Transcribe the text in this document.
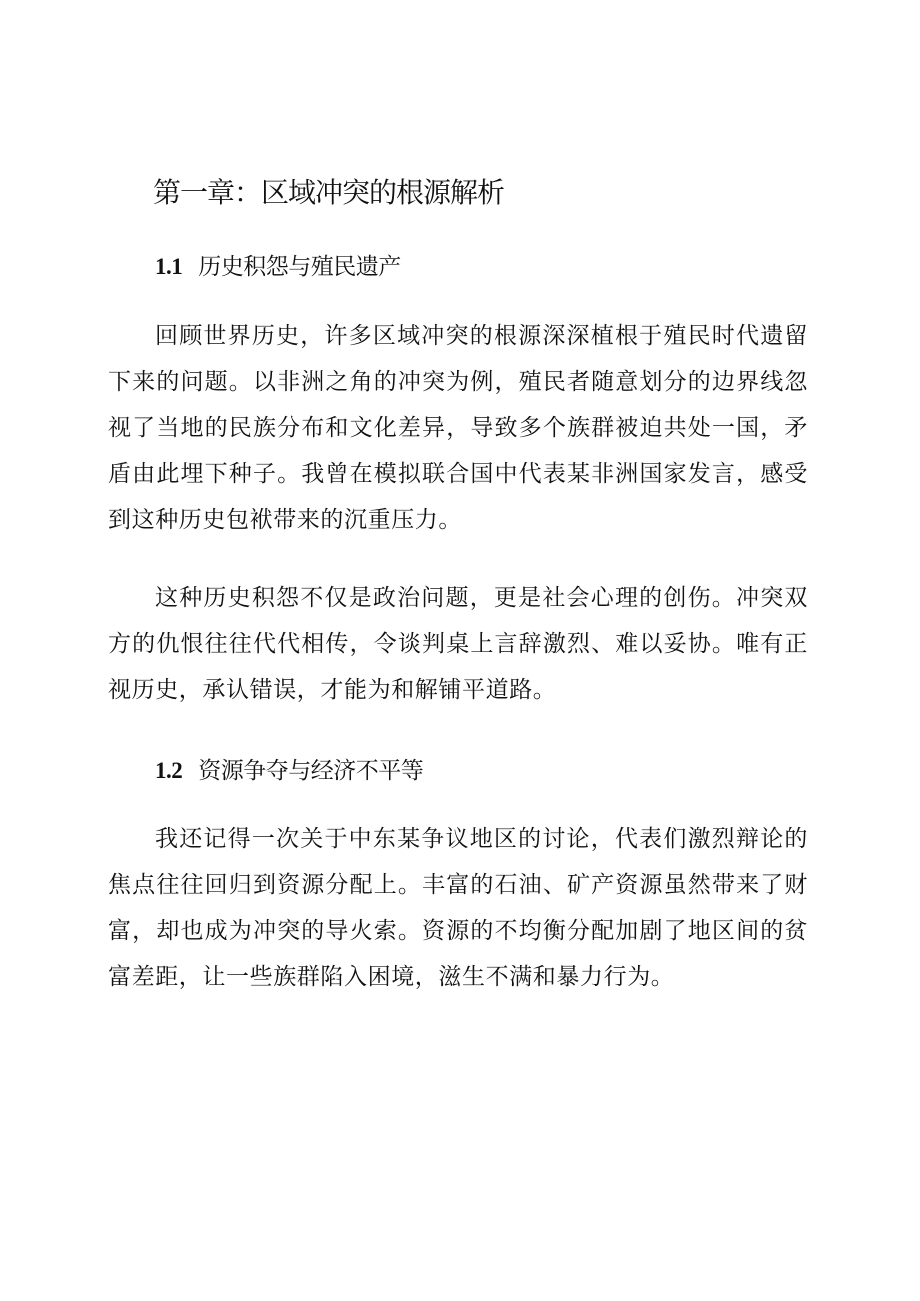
第一章：区域冲突的根源解析
1.1 历史积怨与殖民遗产

回顾世界历史，许多区域冲突的根源深深植根于殖民时代遗留下来的问题。以非洲之角的冲突为例，殖民者随意划分的边界线忽视了当地的民族分布和文化差异，导致多个族群被迫共处一国，矛盾由此埋下种子。我曾在模拟联合国中代表某非洲国家发言，感受到这种历史包袱带来的沉重压力。

这种历史积怨不仅是政治问题，更是社会心理的创伤。冲突双方的仇恨往往代代相传，令谈判桌上言辞激烈、难以妥协。唯有正视历史，承认错误，才能为和解铺平道路。

1.2 资源争夺与经济不平等

我还记得一次关于中东某争议地区的讨论，代表们激烈辩论的焦点往往回归到资源分配上。丰富的石油、矿产资源虽然带来了财富，却也成为冲突的导火索。资源的不均衡分配加剧了地区间的贫富差距，让一些族群陷入困境，滋生不满和暴力行为。
